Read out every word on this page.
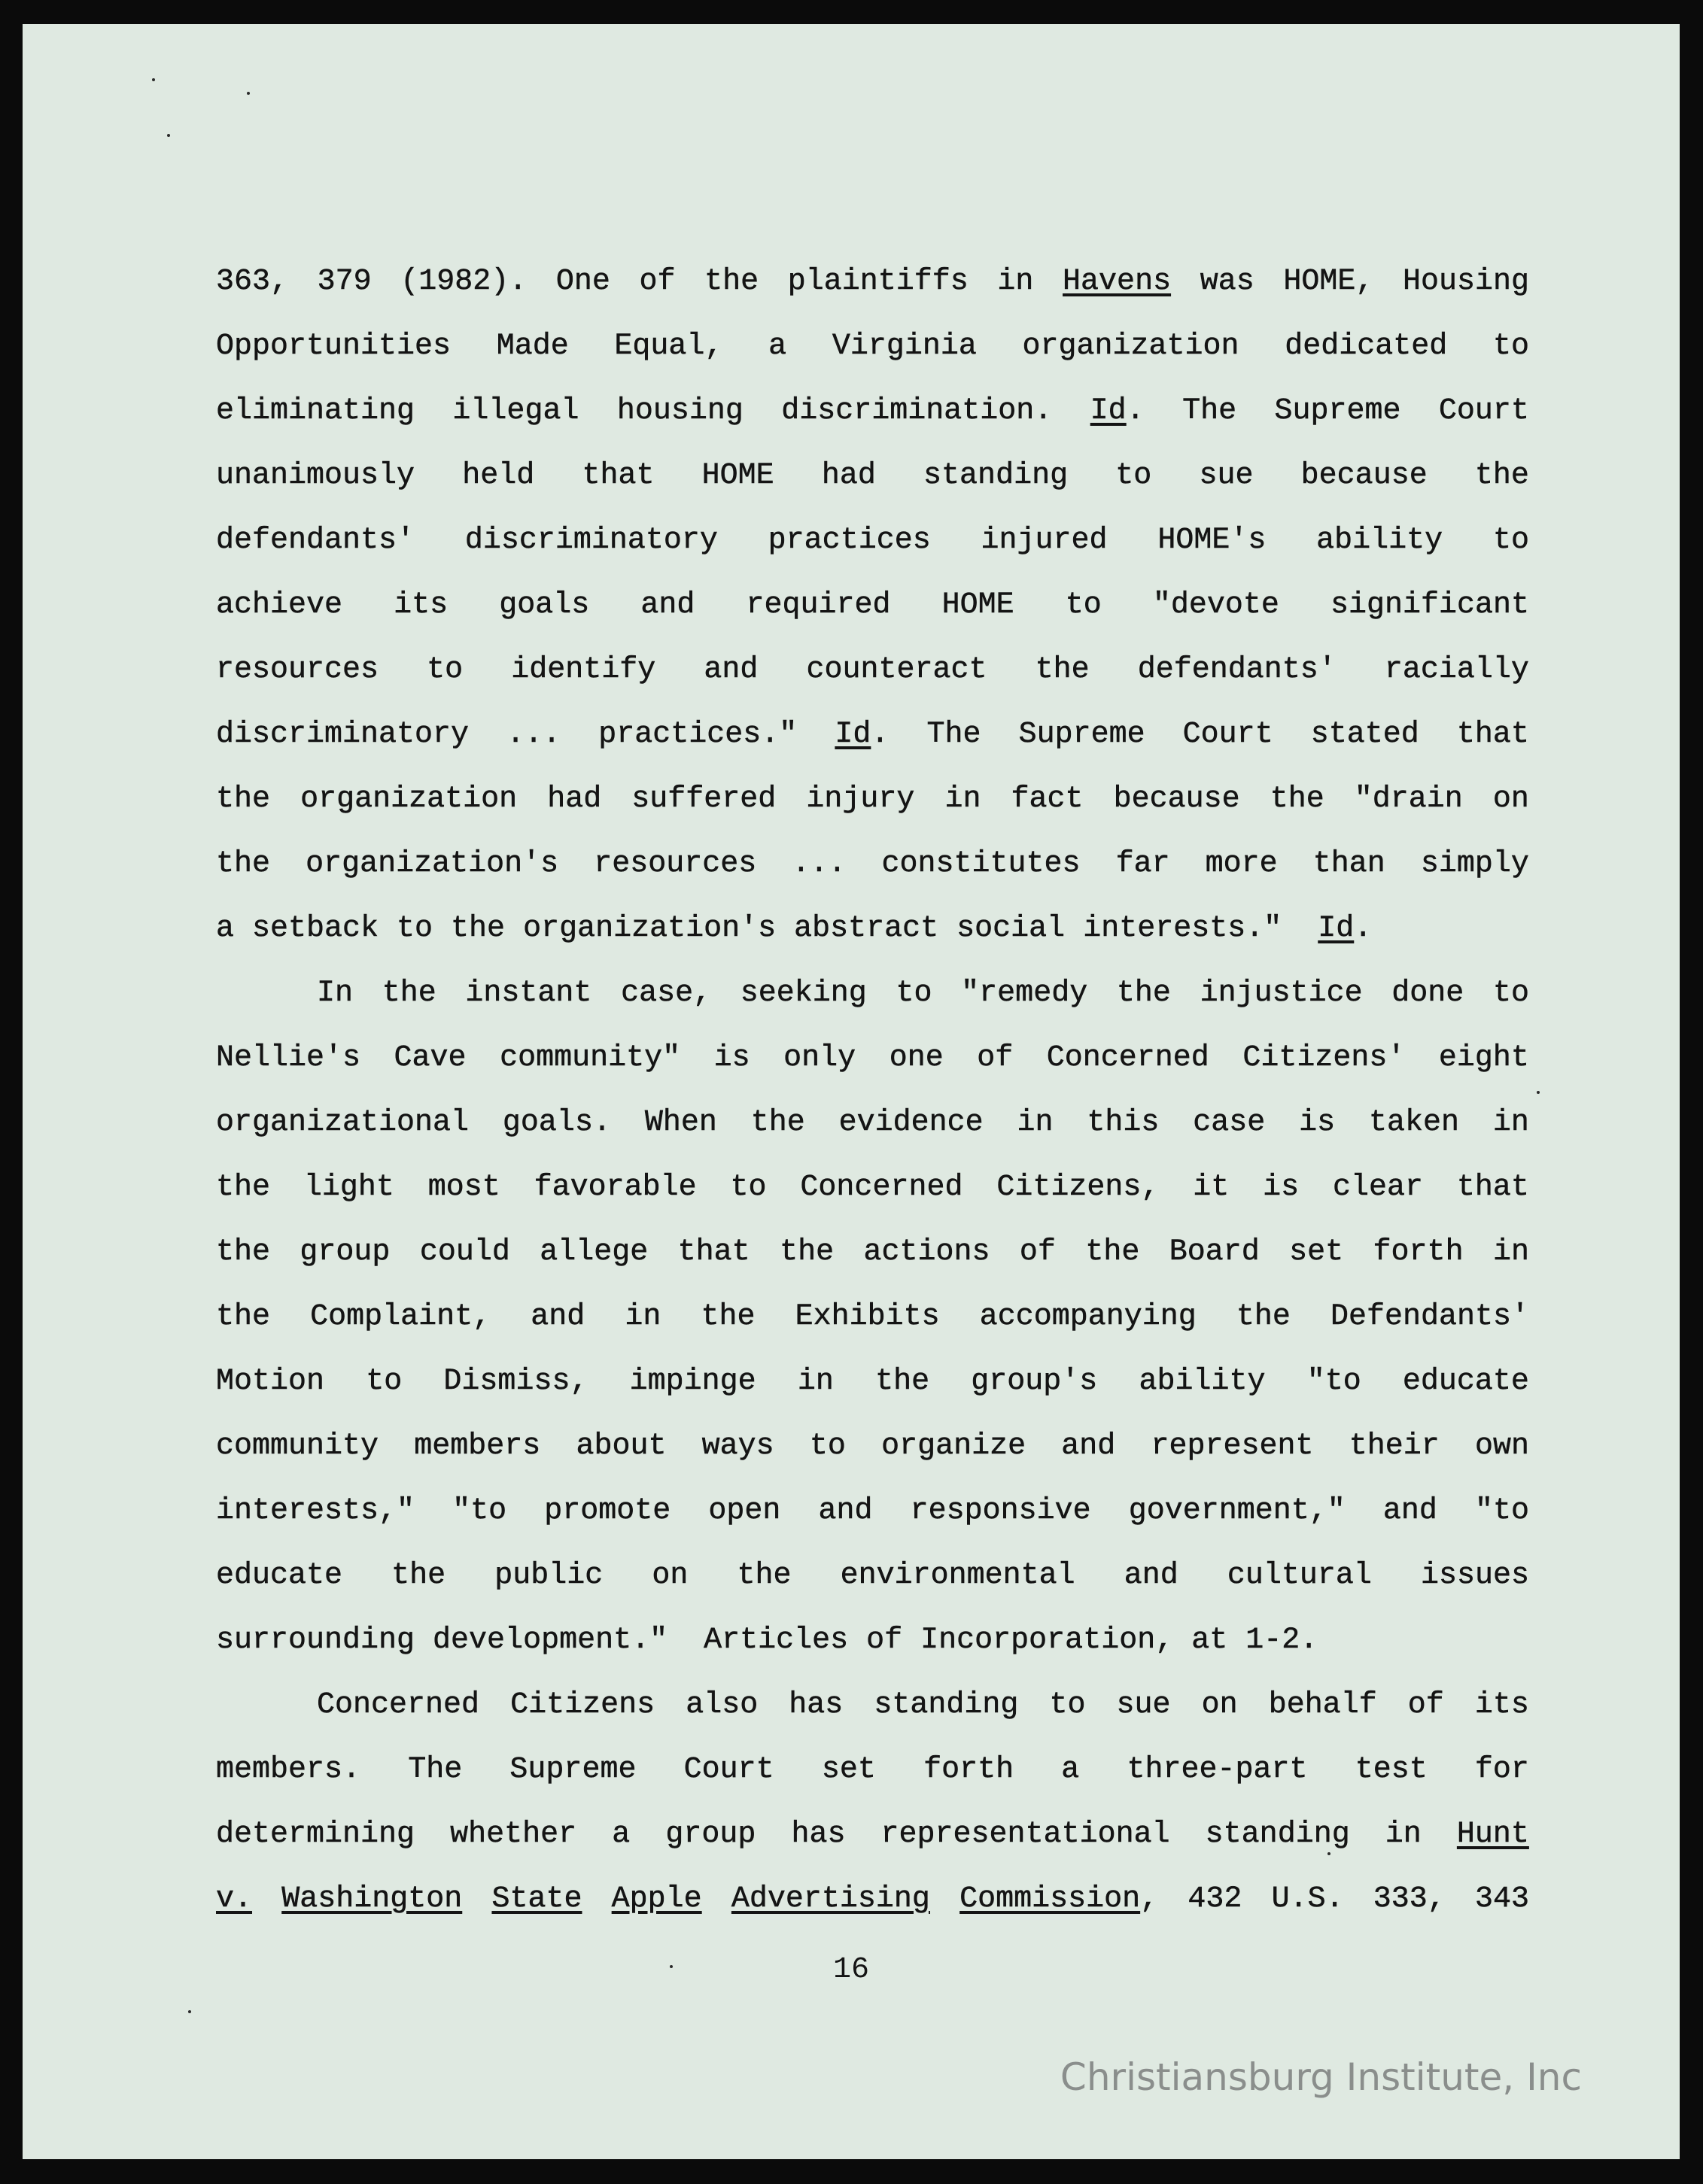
363, 379 (1982). One of the plaintiffs in Havens was HOME, Housing
Opportunities Made Equal, a Virginia organization dedicated to
eliminating illegal housing discrimination. Id. The Supreme Court
unanimously held that HOME had standing to sue because the
defendants' discriminatory practices injured HOME's ability to
achieve its goals and required HOME to "devote significant
resources to identify and counteract the defendants' racially
discriminatory ... practices." Id. The Supreme Court stated that
the organization had suffered injury in fact because the "drain on
the organization's resources ... constitutes far more than simply
a setback to the organization's abstract social interests."  Id.
In the instant case, seeking to "remedy the injustice done to
Nellie's Cave community" is only one of Concerned Citizens' eight
organizational goals. When the evidence in this case is taken in
the light most favorable to Concerned Citizens, it is clear that
the group could allege that the actions of the Board set forth in
the Complaint, and in the Exhibits accompanying the Defendants'
Motion to Dismiss, impinge in the group's ability "to educate
community members about ways to organize and represent their own
interests," "to promote open and responsive government," and "to
educate the public on the environmental and cultural issues
surrounding development."  Articles of Incorporation, at 1-2.
Concerned Citizens also has standing to sue on behalf of its
members. The Supreme Court set forth a three-part test for
determining whether a group has representational standing in Hunt
v. Washington State Apple Advertising Commission, 432 U.S. 333, 343
16
Christiansburg Institute, Inc
